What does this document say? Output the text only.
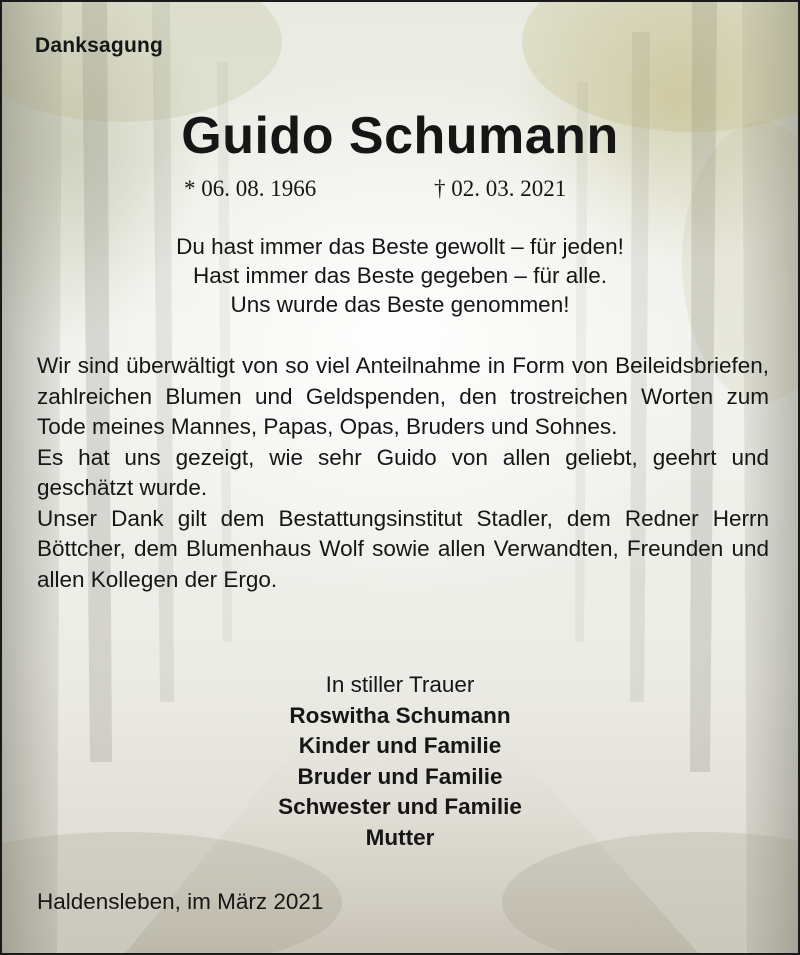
Danksagung
Guido Schumann
* 06. 08. 1966	† 02. 03. 2021
Du hast immer das Beste gewollt – für jeden!
Hast immer das Beste gegeben – für alle.
Uns wurde das Beste genommen!
Wir sind überwältigt von so viel Anteilnahme in Form von Beileidsbriefen, zahlreichen Blumen und Geldspenden, den trostreichen Worten zum Tode meines Mannes, Papas, Opas, Bruders und Sohnes.
Es hat uns gezeigt, wie sehr Guido von allen geliebt, geehrt und geschätzt wurde.
Unser Dank gilt dem Bestattungsinstitut Stadler, dem Redner Herrn Böttcher, dem Blumenhaus Wolf sowie allen Verwandten, Freunden und allen Kollegen der Ergo.
In stiller Trauer
Roswitha Schumann
Kinder und Familie
Bruder und Familie
Schwester und Familie
Mutter
Haldensleben, im März 2021
